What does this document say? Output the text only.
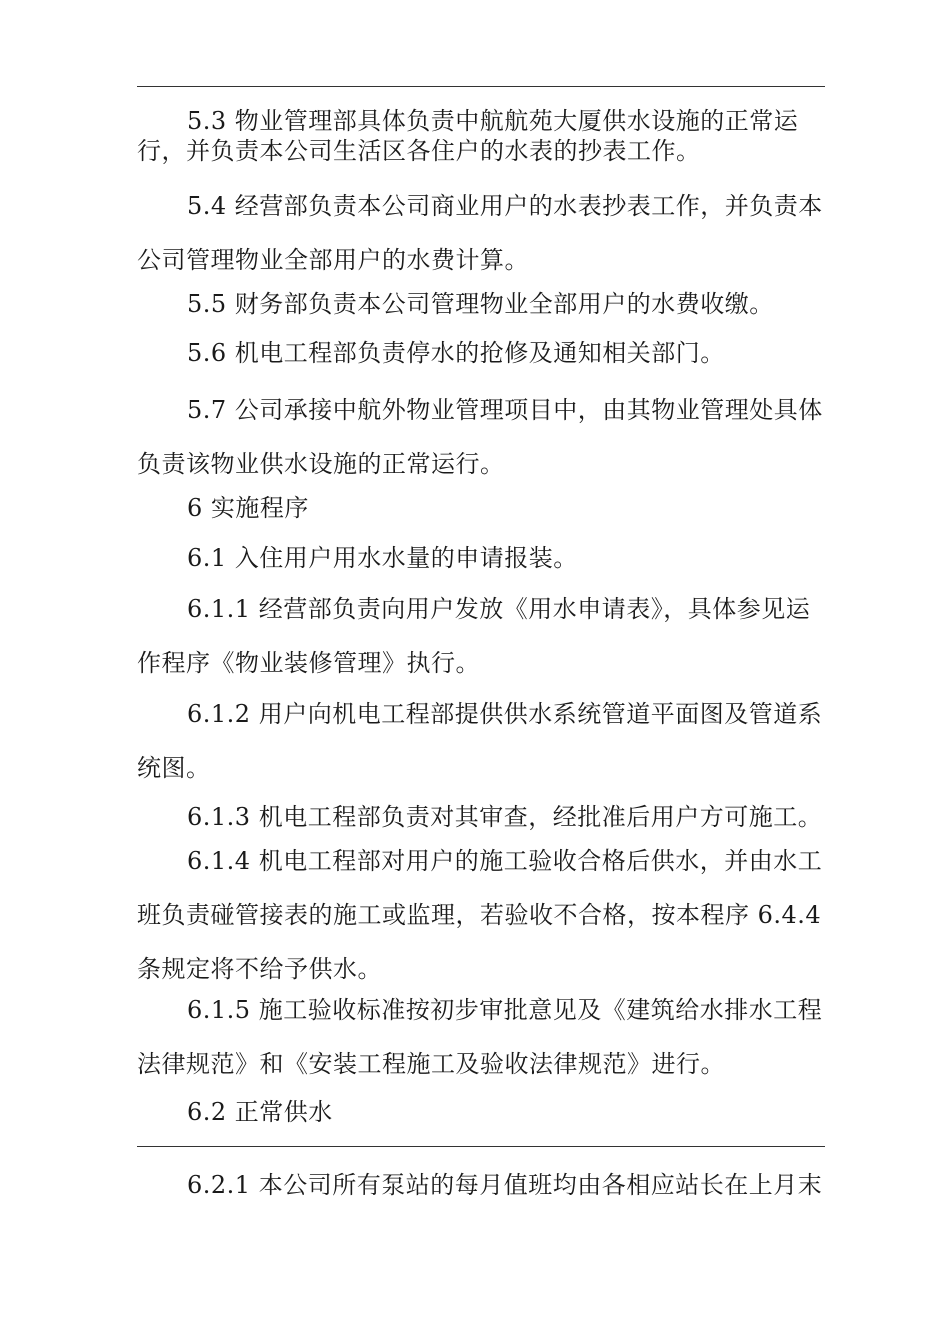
5.3 物业管理部具体负责中航航苑大厦供水设施的正常运
行，并负责本公司生活区各住户的水表的抄表工作。
5.4 经营部负责本公司商业用户的水表抄表工作，并负责本
公司管理物业全部用户的水费计算。
5.5 财务部负责本公司管理物业全部用户的水费收缴。
5.6 机电工程部负责停水的抢修及通知相关部门。
5.7 公司承接中航外物业管理项目中，由其物业管理处具体
负责该物业供水设施的正常运行。
6 实施程序
6.1 入住用户用水水量的申请报装。
6.1.1 经营部负责向用户发放《用水申请表》，具体参见运
作程序《物业装修管理》执行。
6.1.2 用户向机电工程部提供供水系统管道平面图及管道系
统图。
6.1.3 机电工程部负责对其审查，经批准后用户方可施工。
6.1.4 机电工程部对用户的施工验收合格后供水，并由水工
班负责碰管接表的施工或监理，若验收不合格，按本程序 6.4.4
条规定将不给予供水。
6.1.5 施工验收标准按初步审批意见及《建筑给水排水工程
法律规范》和《安装工程施工及验收法律规范》进行。
6.2 正常供水
6.2.1 本公司所有泵站的每月值班均由各相应站长在上月末
